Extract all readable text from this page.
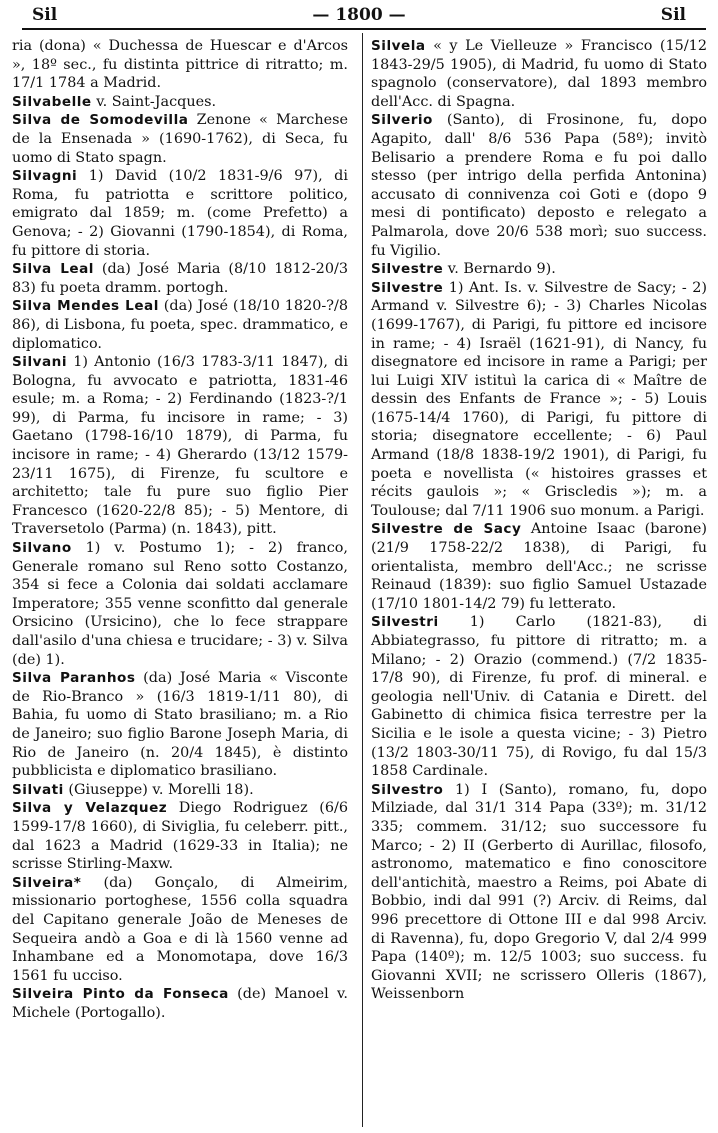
Sil	— 1800 —	Sil

ria (dona) « Duchessa de Huescar e d'Arcos », 18º sec., fu distinta pittrice di ritratto; m. 17/1 1784 a Madrid.

Silvabelle v. Saint-Jacques.

Silva de Somodevilla Zenone « Marchese de la Ensenada » (1690-1762), di Seca, fu uomo di Stato spagn.

Silvagni 1) David (10/2 1831-9/6 97), di Roma, fu patriotta e scrittore politico, emigrato dal 1859; m. (come Prefetto) a Genova; - 2) Giovanni (1790-1854), di Roma, fu pittore di storia.

Silva Leal (da) José Maria (8/10 1812-20/3 83) fu poeta dramm. portogh.

Silva Mendes Leal (da) José (18/10 1820-?/8 86), di Lisbona, fu poeta, spec. drammatico, e diplomatico.

Silvani 1) Antonio (16/3 1783-3/11 1847), di Bologna, fu avvocato e patriotta, 1831-46 esule; m. a Roma; - 2) Ferdinando (1823-?/1 99), di Parma, fu incisore in rame; - 3) Gaetano (1798-16/10 1879), di Parma, fu incisore in rame; - 4) Gherardo (13/12 1579-23/11 1675), di Firenze, fu scultore e architetto; tale fu pure suo figlio Pier Francesco (1620-22/8 85); - 5) Mentore, di Traversetolo (Parma) (n. 1843), pitt.

Silvano 1) v. Postumo 1); - 2) franco, Generale romano sul Reno sotto Costanzo, 354 si fece a Colonia dai soldati acclamare Imperatore; 355 venne sconfitto dal generale Orsicino (Ursicino), che lo fece strappare dall'asilo d'una chiesa e trucidare; - 3) v. Silva (de) 1).

Silva Paranhos (da) José Maria « Visconte de Rio-Branco » (16/3 1819-1/11 80), di Bahia, fu uomo di Stato brasiliano; m. a Rio de Janeiro; suo figlio Barone Joseph Maria, di Rio de Janeiro (n. 20/4 1845), è distinto pubblicista e diplomatico brasiliano.

Silvati (Giuseppe) v. Morelli 18).

Silva y Velazquez Diego Rodriguez (6/6 1599-17/8 1660), di Siviglia, fu celeberr. pitt., dal 1623 a Madrid (1629-33 in Italia); ne scrisse Stirling-Maxw.

Silveira* (da) Gonçalo, di Almeirim, missionario portoghese, 1556 colla squadra del Capitano generale João de Meneses de Sequeira andò a Goa e di là 1560 venne ad Inhambane ed a Monomotapa, dove 16/3 1561 fu ucciso.

Silveira Pinto da Fonseca (de) Manoel v. Michele (Portogallo).

Silvela « y Le Vielleuze » Francisco (15/12 1843-29/5 1905), di Madrid, fu uomo di Stato spagnolo (conservatore), dal 1893 membro dell'Acc. di Spagna.

Silverio (Santo), di Frosinone, fu, dopo Agapito, dall' 8/6 536 Papa (58º); invitò Belisario a prendere Roma e fu poi dallo stesso (per intrigo della perfida Antonina) accusato di connivenza coi Goti e (dopo 9 mesi di pontificato) deposto e relegato a Palmarola, dove 20/6 538 morì; suo success. fu Vigilio.

Silvestre v. Bernardo 9).

Silvestre 1) Ant. Is. v. Silvestre de Sacy; - 2) Armand v. Silvestre 6); - 3) Charles Nicolas (1699-1767), di Parigi, fu pittore ed incisore in rame; - 4) Israël (1621-91), di Nancy, fu disegnatore ed incisore in rame a Parigi; per lui Luigi XIV istituì la carica di « Maître de dessin des Enfants de France »; - 5) Louis (1675-14/4 1760), di Parigi, fu pittore di storia; disegnatore eccellente; - 6) Paul Armand (18/8 1838-19/2 1901), di Parigi, fu poeta e novellista (« histoires grasses et récits gaulois »; « Griscledis »); m. a Toulouse; dal 7/11 1906 suo monum. a Parigi.

Silvestre de Sacy Antoine Isaac (barone) (21/9 1758-22/2 1838), di Parigi, fu orientalista, membro dell'Acc.; ne scrisse Reinaud (1839): suo figlio Samuel Ustazade (17/10 1801-14/2 79) fu letterato.

Silvestri 1) Carlo (1821-83), di Abbiategrasso, fu pittore di ritratto; m. a Milano; - 2) Orazio (commend.) (7/2 1835-17/8 90), di Firenze, fu prof. di mineral. e geologia nell'Univ. di Catania e Dirett. del Gabinetto di chimica fisica terrestre per la Sicilia e le isole a questa vicine; - 3) Pietro (13/2 1803-30/11 75), di Rovigo, fu dal 15/3 1858 Cardinale.

Silvestro 1) I (Santo), romano, fu, dopo Milziade, dal 31/1 314 Papa (33º); m. 31/12 335; commem. 31/12; suo successore fu Marco; - 2) II (Gerberto di Aurillac, filosofo, astronomo, matematico e fino conoscitore dell'antichità, maestro a Reims, poi Abate di Bobbio, indi dal 991 (?) Arciv. di Reims, dal 996 precettore di Ottone III e dal 998 Arciv. di Ravenna), fu, dopo Gregorio V, dal 2/4 999 Papa (140º); m. 12/5 1003; suo success. fu Giovanni XVII; ne scrissero Olleris (1867), Weissenborn
